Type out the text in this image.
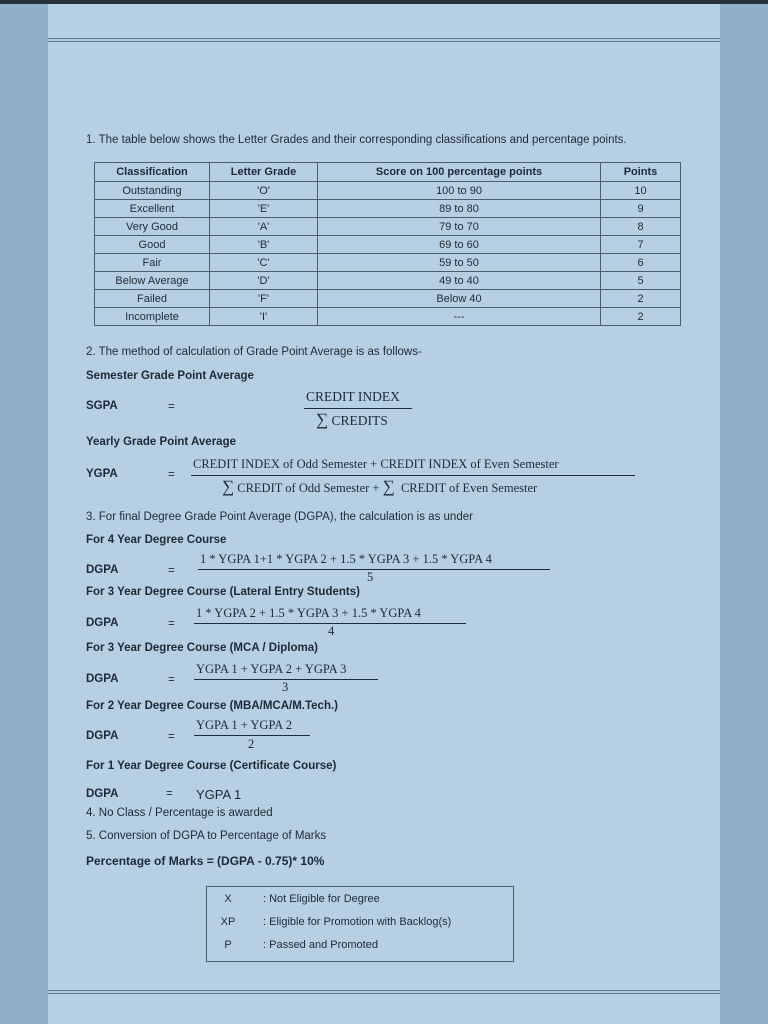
1. The table below shows the Letter Grades and their corresponding classifications and percentage points.
Classification	Letter Grade	Score on 100 percentage points	Points
Outstanding	'O'	100 to 90	10
Excellent	'E'	89 to 80	9
Very Good	'A'	79 to 70	8
Good	'B'	69 to 60	7
Fair	'C'	59 to 50	6
Below Average	'D'	49 to 40	5
Failed	'F'	Below 40	2
Incomplete	'I'	---	2
2. The method of calculation of Grade Point Average is as follows-
Semester Grade Point Average
SGPA	=
CREDIT INDEX
∑ CREDITS
Yearly Grade Point Average
YGPA	=
CREDIT INDEX of Odd Semester + CREDIT INDEX of Even Semester
∑ CREDIT of Odd Semester + ∑ CREDIT of Even Semester
3. For final Degree Grade Point Average (DGPA), the calculation is as under
For 4 Year Degree Course
DGPA	=
1 * YGPA 1+1 * YGPA 2 + 1.5 * YGPA 3 + 1.5 * YGPA 4
5
For 3 Year Degree Course (Lateral Entry Students)
DGPA	=
1 * YGPA 2 + 1.5 * YGPA 3 + 1.5 * YGPA 4
4
For 3 Year Degree Course (MCA / Diploma)
DGPA	=
YGPA 1 + YGPA 2 + YGPA 3
3
For 2 Year Degree Course (MBA/MCA/M.Tech.)
DGPA	=
YGPA 1 + YGPA 2
2
For 1 Year Degree Course (Certificate Course)
DGPA	= YGPA 1
4. No Class / Percentage is awarded
5. Conversion of DGPA to Percentage of Marks
Percentage of Marks = (DGPA - 0.75)* 10%
X	: Not Eligible for Degree
XP	: Eligible for Promotion with Backlog(s)
P	: Passed and Promoted
